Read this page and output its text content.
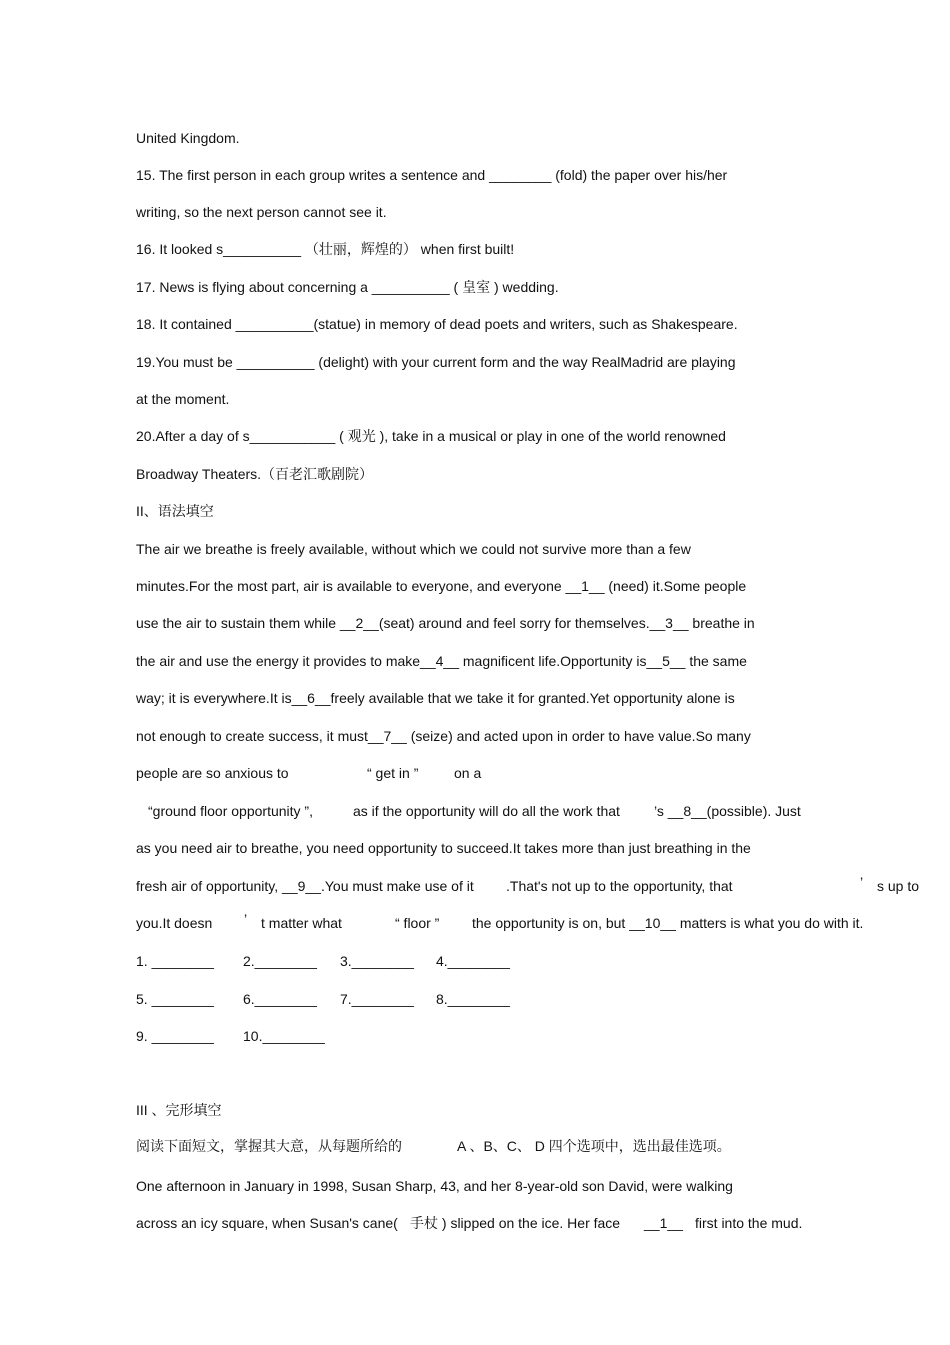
United Kingdom.
15. The first person in each group writes a sentence and ________ (fold) the paper over his/her
writing, so the next person cannot see it.
16. It looked s__________ （壮丽，辉煌的） when first built!
17. News is flying about concerning a __________ ( 皇室 ) wedding.
18. It contained __________(statue) in memory of dead poets and writers, such as Shakespeare.
19.You must be __________ (delight) with your current form and the way RealMadrid are playing
at the moment.
20.After a day of s___________ ( 观光 ), take in a musical or play in one of the world renowned
Broadway Theaters.（百老汇歌剧院）
II、语法填空
The air we breathe is freely available, without which we could not survive more than a few
minutes.For the most part, air is available to everyone, and everyone __1__ (need) it.Some people
use the air to sustain them while __2__(seat) around and feel sorry for themselves.__3__ breathe in
the air and use the energy it provides to make__4__ magnificent life.Opportunity is__5__ the same
way; it is everywhere.It is__6__freely available that we take it for granted.Yet opportunity alone is
not enough to create success, it must__7__ (seize) and acted upon in order to have value.So many
people are so anxious to	“ get in ”	on a
“ground floor opportunity ”,	as if the opportunity will do all the work that ’s __8__(possible). Just
as you need air to breathe, you need opportunity to succeed.It takes more than just breathing in the
fresh air of opportunity, __9__.You must make use of it .That's not up to the opportunity, that	’ s up to
you.It doesn ’ t matter what	“ floor ” the opportunity is on, but __10__ matters is what you do with it.
1. ________ 2.________ 3.________ 4.________
5. ________ 6.________ 7.________ 8.________
9. ________ 10.________
III 、完形填空
阅读下面短文，掌握其大意，从每题所给的	A 、B、C、 D 四个选项中，选出最佳选项。
One afternoon in January in 1998, Susan Sharp, 43, and her 8-year-old son David, were walking
across an icy square, when Susan's cane( 手杖 ) slipped on the ice. Her face __1__ first into the mud.
